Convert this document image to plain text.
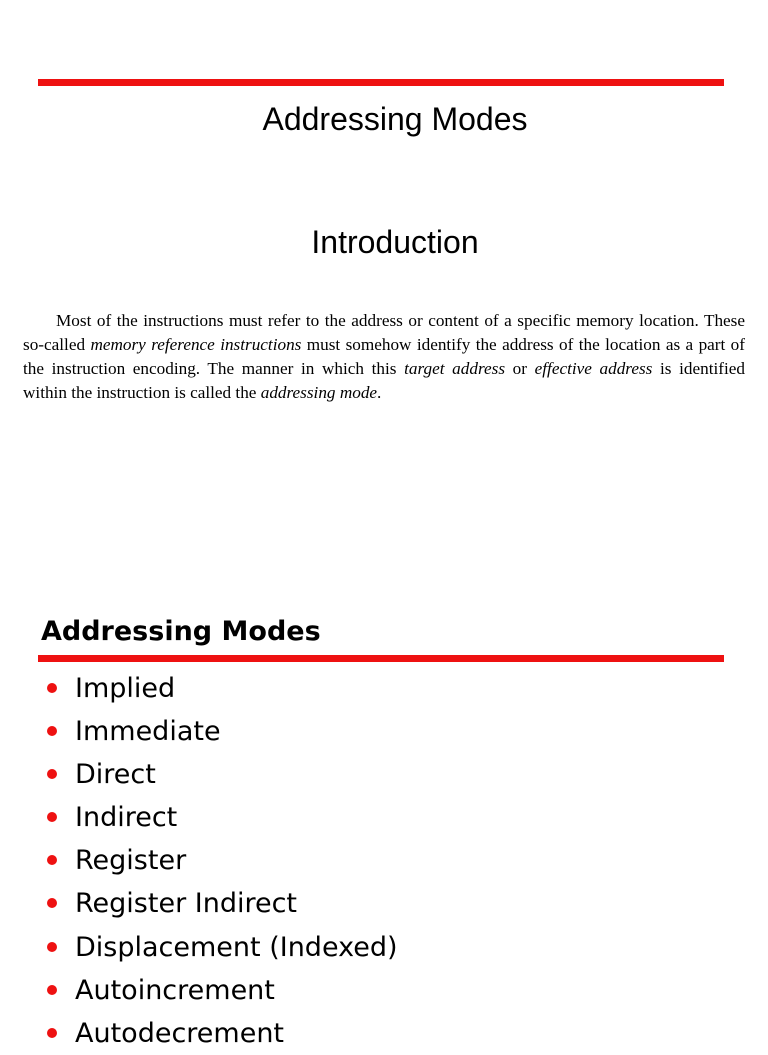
Addressing Modes
Introduction

Most of the instructions must refer to the address or content of a specific memory location. These so-called memory reference instructions must somehow identify the address of the location as a part of the instruction encoding. The manner in which this target address or effective address is identified within the instruction is called the addressing mode.

Addressing Modes
Implied
Immediate
Direct
Indirect
Register
Register Indirect
Displacement (Indexed)
Autoincrement
Autodecrement
